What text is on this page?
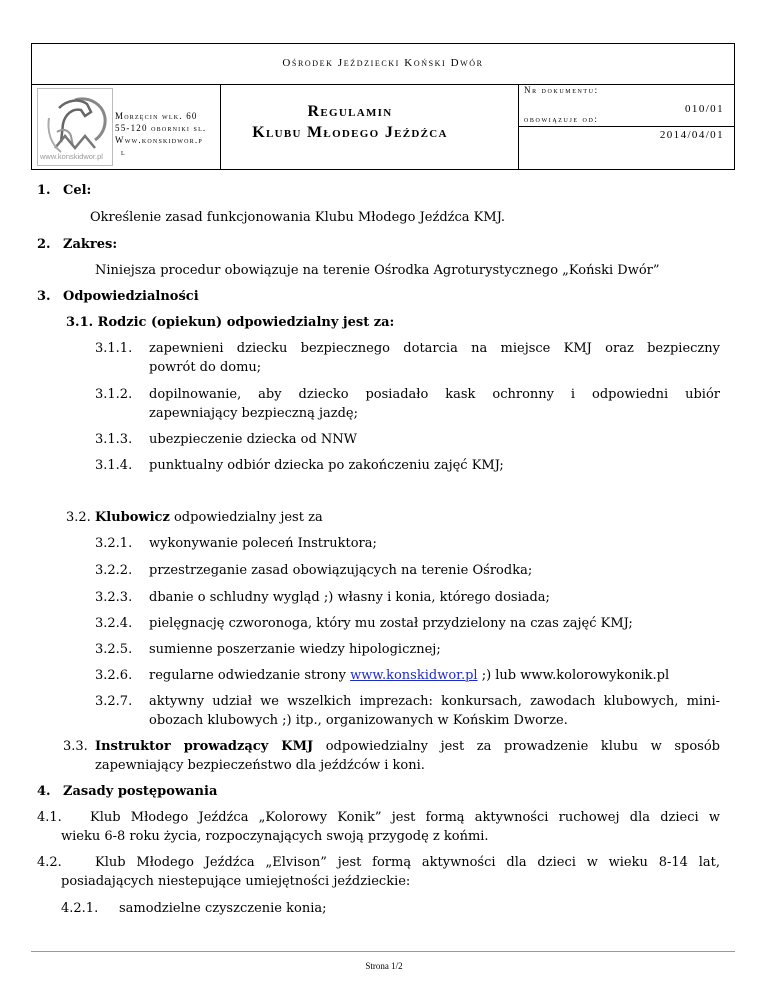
Ośrodek Jeździecki Koński Dwór
www.konskidwor.pl
Morzęcin wlk. 60
55-120 oborniki sl.
Www.konskidwor.p
l
Regulamin
Klubu Młodego Jeźdźca
Nr dokumentu:
010/01
obowiązuje od:
2014/04/01
1. Cel:
Określenie zasad funkcjonowania Klubu Młodego Jeźdźca KMJ.
2. Zakres:
Niniejsza procedur obowiązuje na terenie Ośrodka Agroturystycznego „Koński Dwór”
3. Odpowiedzialności
3.1. Rodzic (opiekun) odpowiedzialny jest za:
3.1.1. zapewnieni dziecku bezpiecznego dotarcia na miejsce KMJ oraz bezpieczny
powrót do domu;
3.1.2. dopilnowanie, aby dziecko posiadało kask ochronny i odpowiedni ubiór
zapewniający bezpieczną jazdę;
3.1.3. ubezpieczenie dziecka od NNW
3.1.4. punktualny odbiór dziecka po zakończeniu zajęć KMJ;
3.2. Klubowicz odpowiedzialny jest za
3.2.1. wykonywanie poleceń Instruktora;
3.2.2. przestrzeganie zasad obowiązujących na terenie Ośrodka;
3.2.3. dbanie o schludny wygląd ;) własny i konia, którego dosiada;
3.2.4. pielęgnację czworonoga, który mu został przydzielony na czas zajęć KMJ;
3.2.5. sumienne poszerzanie wiedzy hipologicznej;
3.2.6. regularne odwiedzanie strony www.konskidwor.pl ;) lub www.kolorowykonik.pl
3.2.7. aktywny udział we wszelkich imprezach: konkursach, zawodach klubowych, mini-
obozach klubowych ;) itp., organizowanych w Końskim Dworze.
3.3. Instruktor prowadzący KMJ odpowiedzialny jest za prowadzenie klubu w sposób
zapewniający bezpieczeństwo dla jeźdźców i koni.
4. Zasady postępowania
4.1. Klub Młodego Jeźdźca „Kolorowy Konik” jest formą aktywności ruchowej dla dzieci w
wieku 6-8 roku życia, rozpoczynających swoją przygodę z końmi.
4.2.	Klub Młodego Jeźdźca „Elvison” jest formą aktywności dla dzieci w wieku 8-14 lat,
posiadających niestepujące umiejętności jeździeckie:
4.2.1. samodzielne czyszczenie konia;
Strona 1/2
